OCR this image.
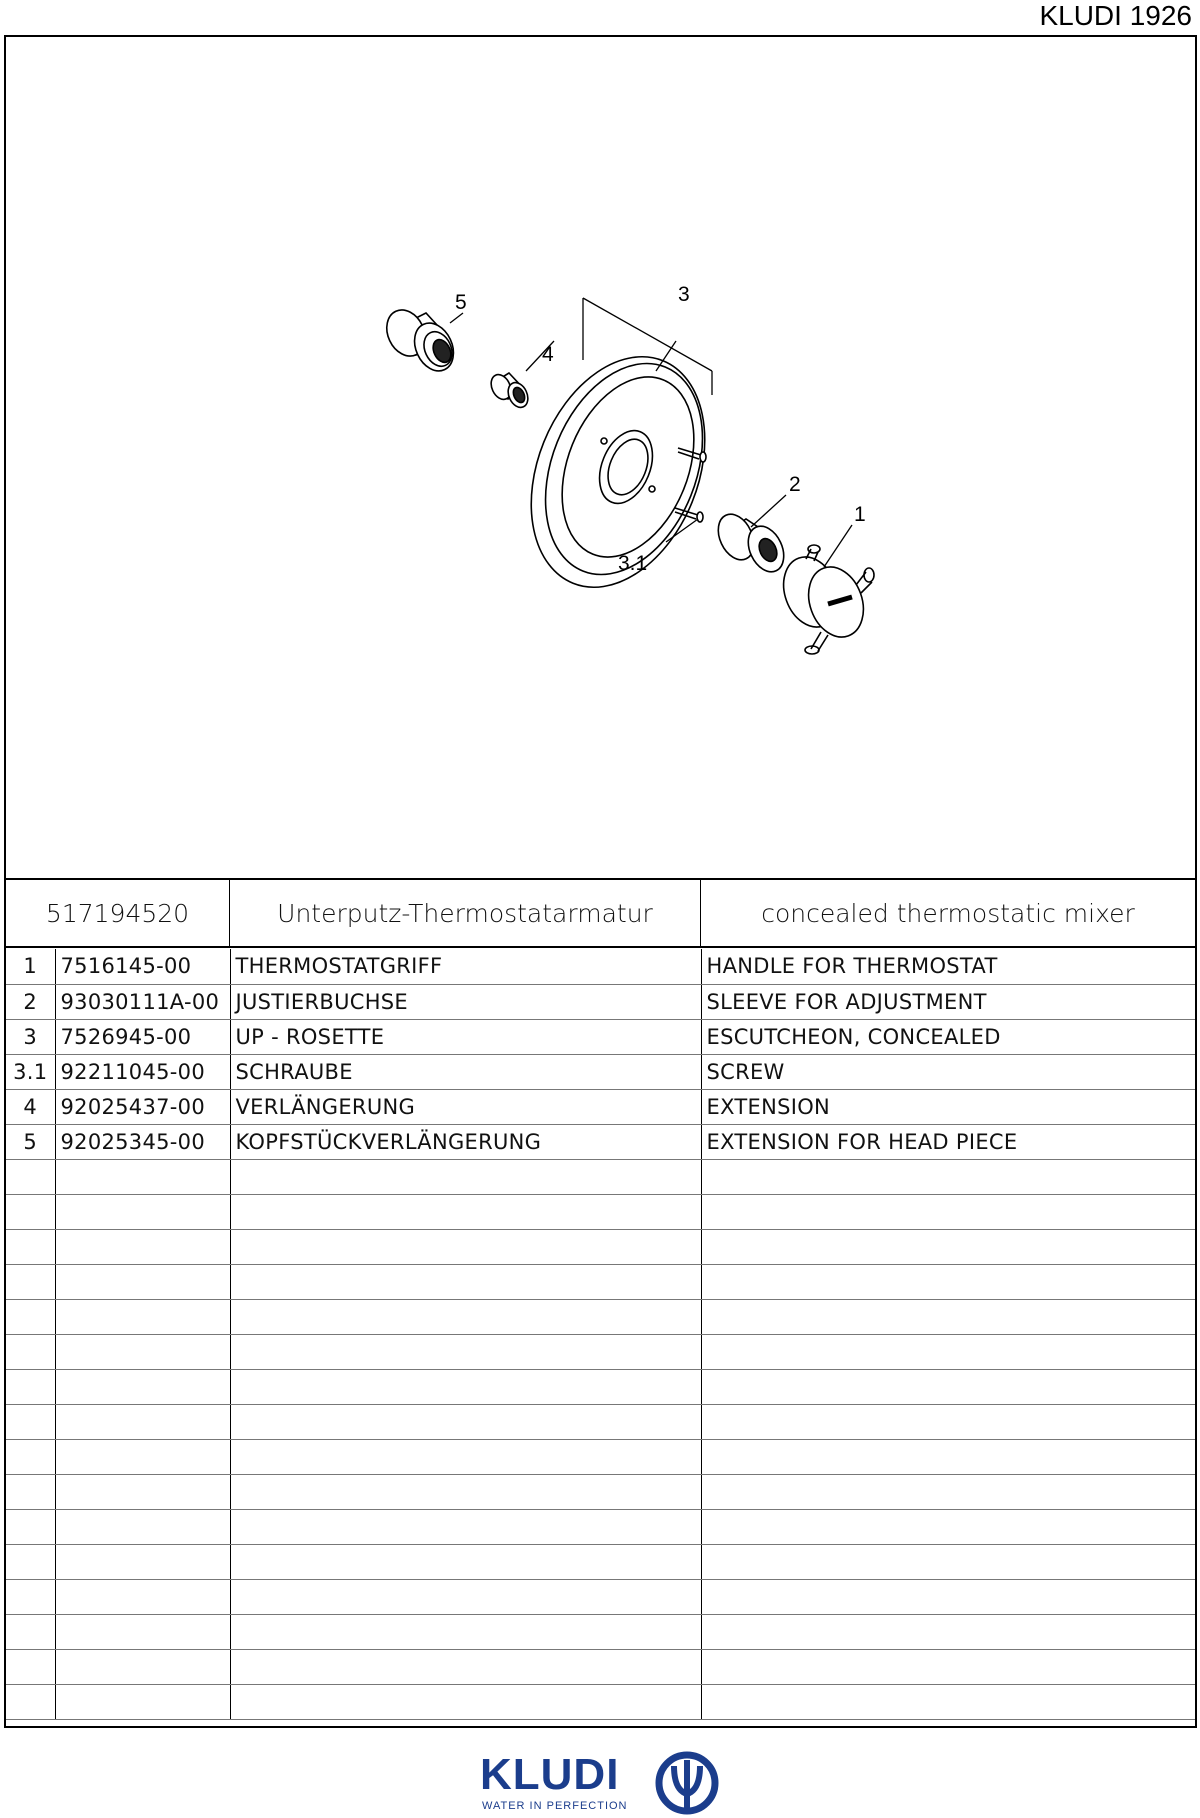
KLUDI 1926
5
4
3
2
1
3.1
517194520	Unterputz-Thermostatarmatur	concealed thermostatic mixer
1	7516145-00	THERMOSTATGRIFF	HANDLE FOR THERMOSTAT
2	93030111A-00	JUSTIERBUCHSE	SLEEVE FOR ADJUSTMENT
3	7526945-00	UP - ROSETTE	ESCUTCHEON, CONCEALED
3.1	92211045-00	SCHRAUBE	SCREW
4	92025437-00	VERLÄNGERUNG	EXTENSION
5	92025345-00	KOPFSTÜCKVERLÄNGERUNG	EXTENSION FOR HEAD PIECE

KLUDI
WATER IN PERFECTION
